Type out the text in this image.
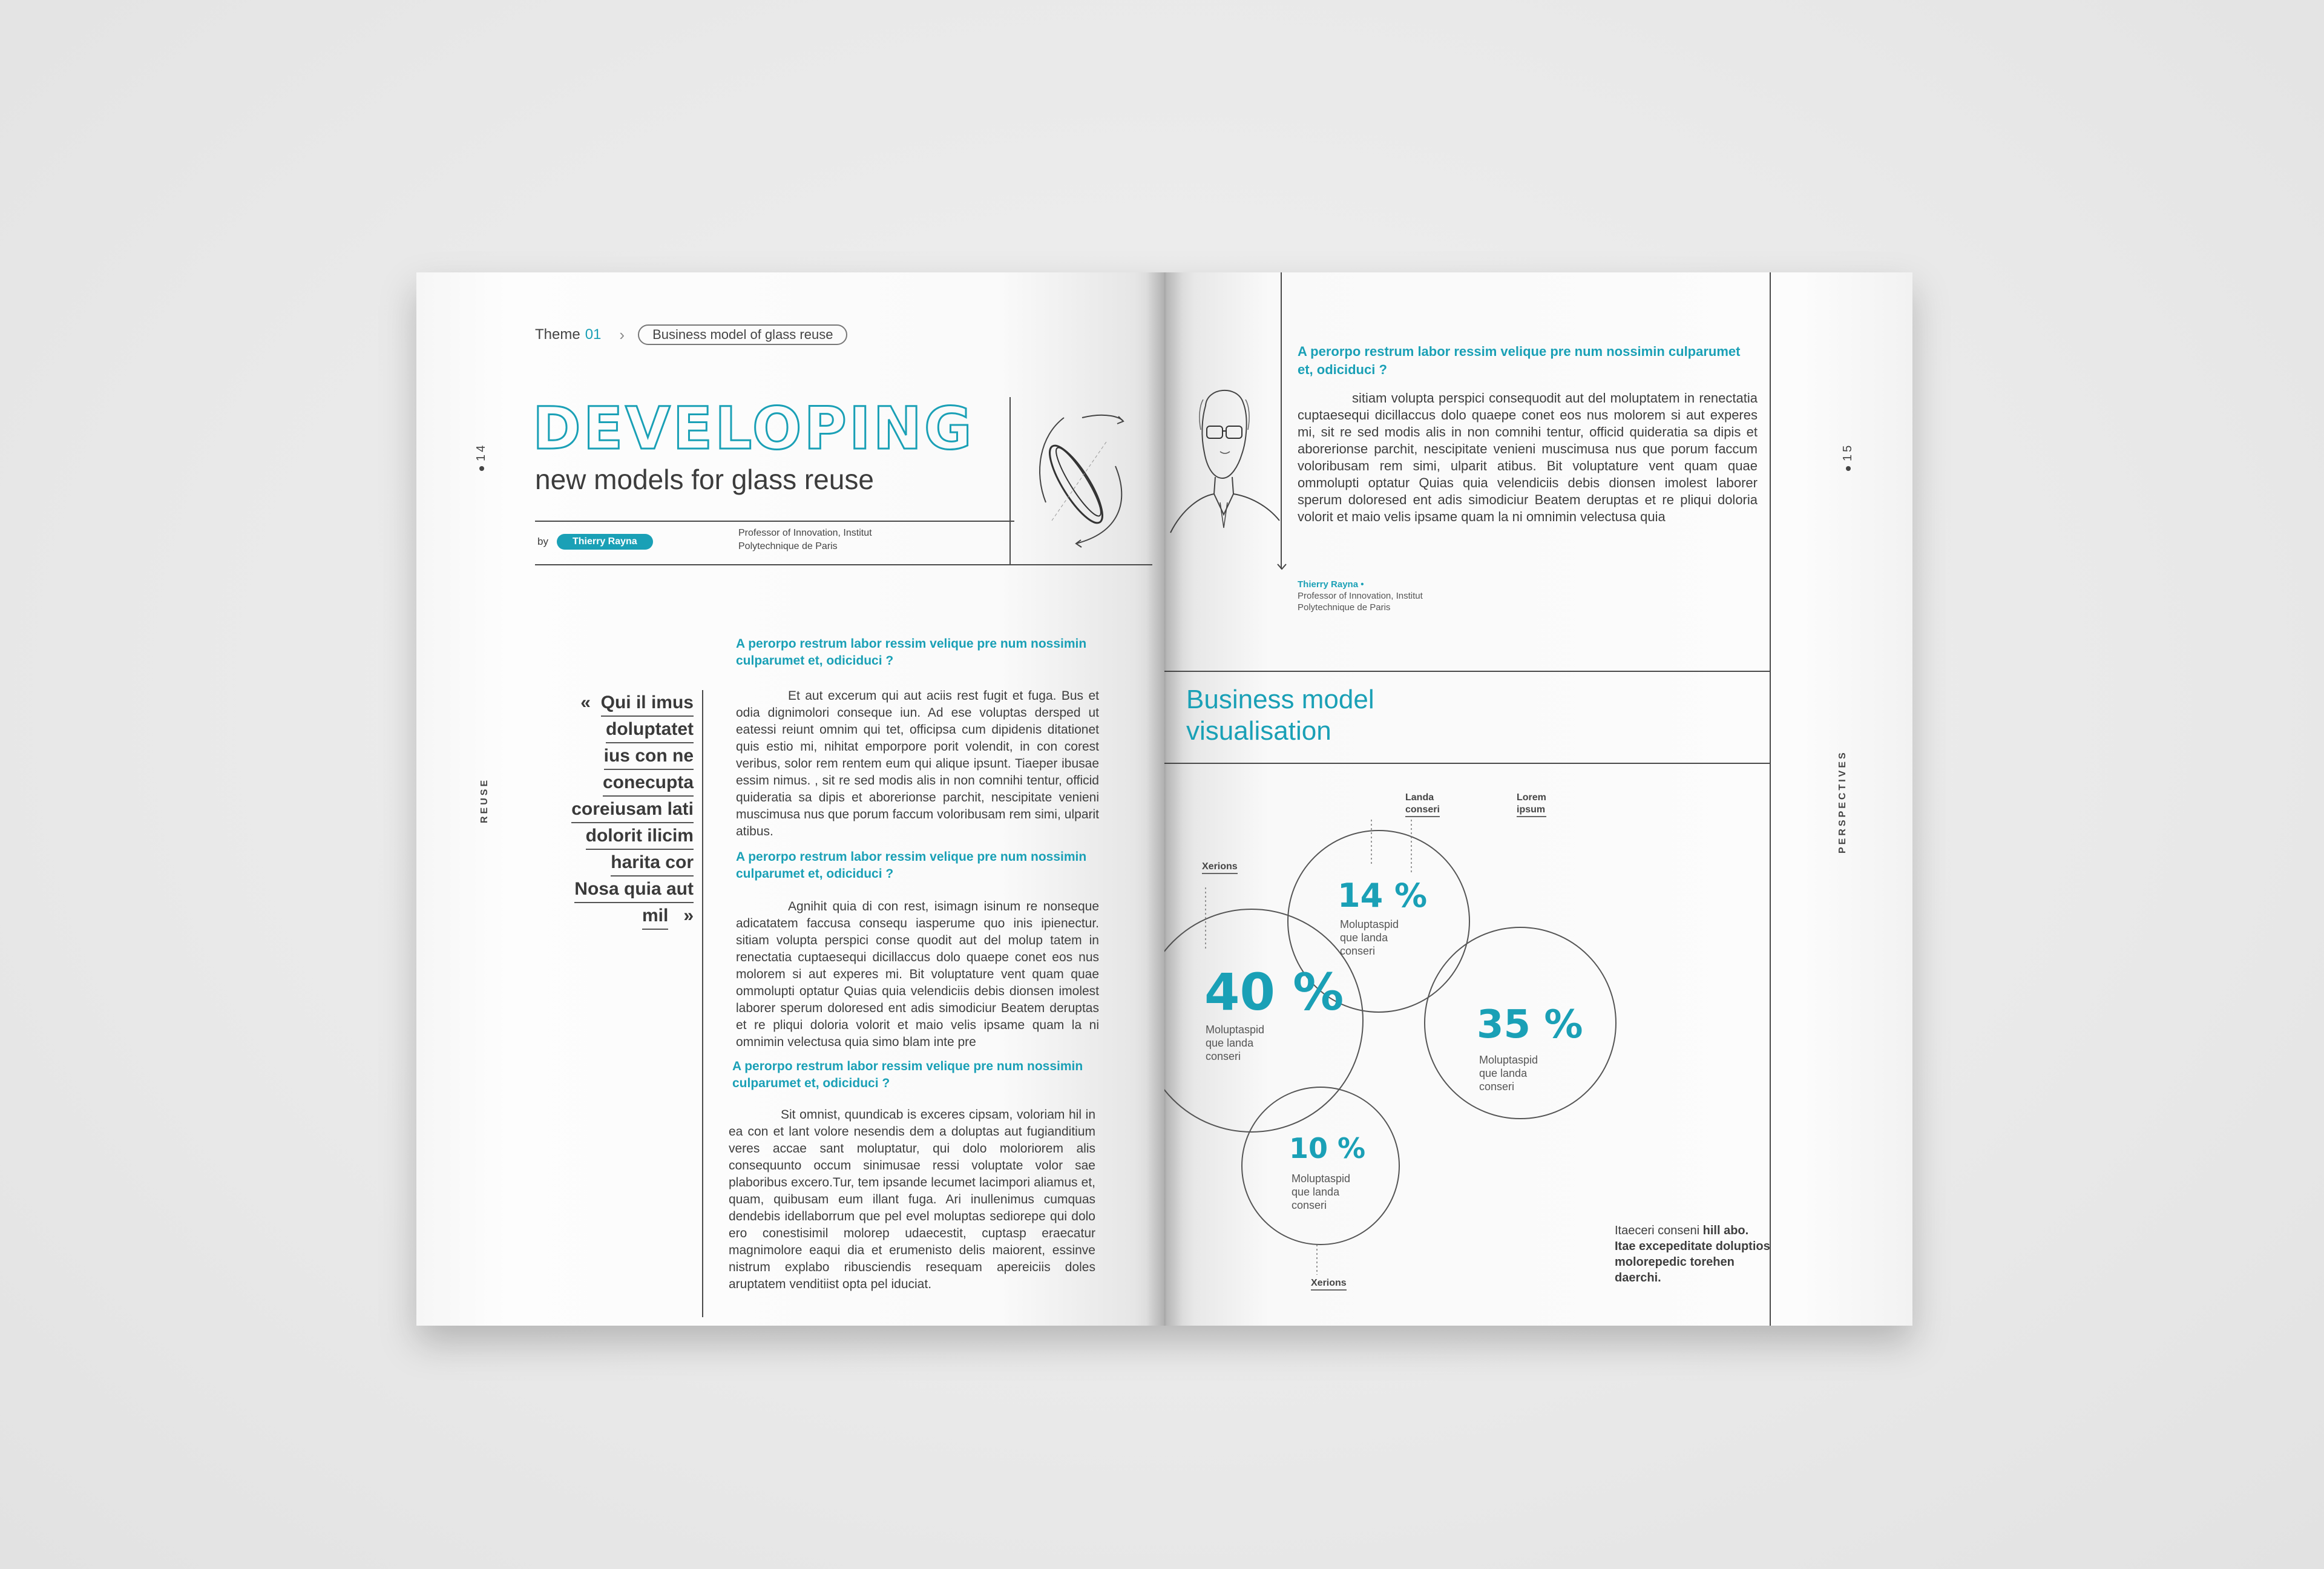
Theme 01 ›	Business model of glass reuse
14 DEVELOPING
new models for glass reuse
by	Thierry Rayna
Professor of Innovation, Institut Polytechnique de Paris
REUSE
« Qui il imus
doluptatet
ius con ne
conecupta
coreiusam lati
dolorit ilicim
harita cor
Nosa quia aut
mil »
A perorpo restrum labor ressim velique pre num nossimin culparumet et, odiciduci ?
Et aut excerum qui aut aciis rest fugit et fuga. Bus et odia dignimolori conseque iun. Ad ese voluptas dersped ut eatessi reiunt omnim qui tet, officipsa cum dipidenis ditationet quis estio mi, nihitat emporpore porit volendit, in con corest veribus, solor rem rentem eum qui alique ipsunt. Tiaeper ibusae essim nimus. , sit re sed modis alis in non comnihi tentur, officid quideratia sa dipis et aborerionse parchit, nescipitate venieni muscimusa nus que porum faccum voloribusam rem simi, ulparit atibus.
A perorpo restrum labor ressim velique pre num nossimin culparumet et, odiciduci ?
Agnihit quia di con rest, isimagn isinum re nonseque adicatatem faccusa consequ iasperume quo inis ipienectur. sitiam volupta perspici conse quodit aut del molup tatem in renectatia cuptaesequi dicillaccus dolo quaepe conet eos nus molorem si aut experes mi. Bit voluptature vent quam quae ommolupti optatur Quias quia velendiciis debis dionsen imolest laborer sperum doloresed ent adis simodiciur Beatem deruptas et re pliqui doloria volorit et maio velis ipsame quam la ni omnimin velectusa quia simo blam inte pre
A perorpo restrum labor ressim velique pre num nossimin culparumet et, odiciduci ?
Sit omnist, quundicab is exceres cipsam, voloriam hil in ea con et lant volore nesendis dem a doluptas aut fugianditium veres accae sant moluptatur, qui dolo moloriorem alis consequunto occum sinimusae ressi voluptate volor sae plaboribus excero.Tur, tem ipsande lecumet lacimpori aliamus et, quam, quibusam eum illant fuga. Ari inullenimus cumquas dendebis idellaborrum que pel evel moluptas sediorepe qui dolo ero conestisimil molorep udaecestit, cuptasp eraecatur magnimolore eaqui dia et erumenisto delis maiorent, essinve nistrum explabo ribusciendis resequam apereiciis doles aruptatem venditiist opta pel iduciat.
A perorpo restrum labor ressim velique pre num nossimin culparumet et, odiciduci ?
sitiam volupta perspici consequodit aut del moluptatem in renectatia cuptaesequi dicillaccus dolo quaepe conet eos nus molorem si aut experes mi, sit re sed modis alis in non comnihi tentur, officid quideratia sa dipis et aborerionse parchit, nescipitate venieni muscimusa nus que porum faccum voloribusam rem simi, ulparit atibus. Bit voluptature vent quam quae ommolupti optatur Quias quia velendiciis debis dionsen imolest laborer sperum doloresed ent adis simodiciur Beatem deruptas et re pliqui doloria volorit et maio velis ipsame quam la ni omnimin velectusa quia
Thierry Rayna •
Professor of Innovation, Institut Polytechnique de Paris
15
PERSPECTIVES
Business model
visualisation
Xerions
Landa
conseri
Lorem
ipsum
Xerions
40 %
Moluptaspid
que landa
conseri
14 %
Moluptaspid
que landa
conseri
35 %
Moluptaspid
que landa
conseri
10 %
Moluptaspid
que landa
conseri
Itaeceri conseni hill abo. Itae excepeditate doluptios molorepedic torehen daerchi.
